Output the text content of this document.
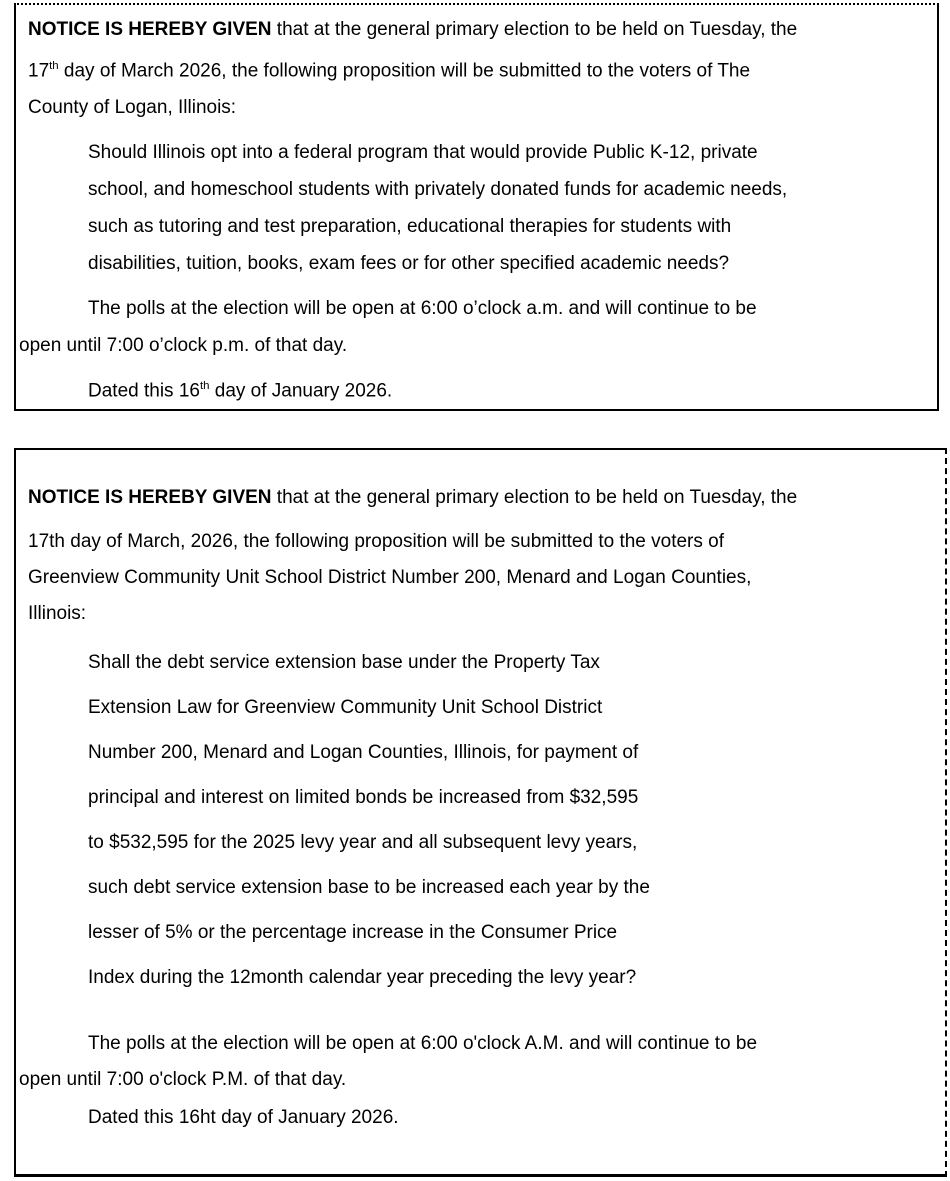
NOTICE IS HEREBY GIVEN that at the general primary election to be held on Tuesday, the
17th day of March 2026, the following proposition will be submitted to the voters of The
County of Logan, Illinois:
Should Illinois opt into a federal program that would provide Public K-12, private
school, and homeschool students with privately donated funds for academic needs,
such as tutoring and test preparation, educational therapies for students with
disabilities, tuition, books, exam fees or for other specified academic needs?
The polls at the election will be open at 6:00 o’clock a.m. and will continue to be
open until 7:00 o’clock p.m. of that day.
Dated this 16th day of January 2026.
NOTICE IS HEREBY GIVEN that at the general primary election to be held on Tuesday, the
17th day of March, 2026, the following proposition will be submitted to the voters of
Greenview Community Unit School District Number 200, Menard and Logan Counties,
Illinois:
Shall the debt service extension base under the Property Tax
Extension Law for Greenview Community Unit School District
Number 200, Menard and Logan Counties, Illinois, for payment of
principal and interest on limited bonds be increased from $32,595
to $532,595 for the 2025 levy year and all subsequent levy years,
such debt service extension base to be increased each year by the
lesser of 5% or the percentage increase in the Consumer Price
Index during the 12month calendar year preceding the levy year?
The polls at the election will be open at 6:00 o'clock A.M. and will continue to be
open until 7:00 o'clock P.M. of that day.
Dated this 16ht day of January 2026.
